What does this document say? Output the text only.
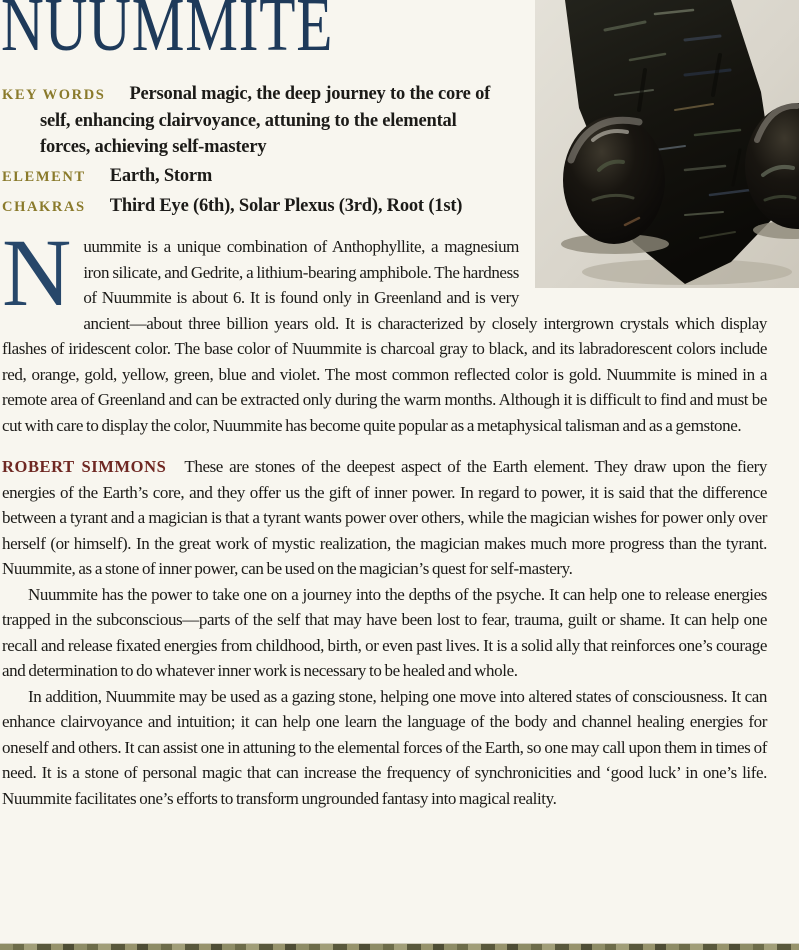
NUUMMITE

KEY WORDS Personal magic, the deep journey to the core of self, enhancing clairvoyance, attuning to the elemental forces, achieving self-mastery

ELEMENT Earth, Storm

CHAKRAS Third Eye (6th), Solar Plexus (3rd), Root (1st)

Nuummite is a unique combination of Anthophyllite, a magnesium iron silicate, and Gedrite, a lithium-bearing amphibole. The hardness of Nuummite is about 6. It is found only in Greenland and is very ancient—about three billion years old. It is characterized by closely intergrown crystals which display flashes of iridescent color. The base color of Nuummite is charcoal gray to black, and its labradorescent colors include red, orange, gold, yellow, green, blue and violet. The most common reflected color is gold. Nuummite is mined in a remote area of Greenland and can be extracted only during the warm months. Although it is difficult to find and must be cut with care to display the color, Nuummite has become quite popular as a metaphysical talisman and as a gemstone.

ROBERT SIMMONS These are stones of the deepest aspect of the Earth element. They draw upon the fiery energies of the Earth’s core, and they offer us the gift of inner power. In regard to power, it is said that the difference between a tyrant and a magician is that a tyrant wants power over others, while the magician wishes for power only over herself (or himself). In the great work of mystic realization, the magician makes much more progress than the tyrant. Nuummite, as a stone of inner power, can be used on the magician’s quest for self-mastery.

Nuummite has the power to take one on a journey into the depths of the psyche. It can help one to release energies trapped in the subconscious—parts of the self that may have been lost to fear, trauma, guilt or shame. It can help one recall and release fixated energies from childhood, birth, or even past lives. It is a solid ally that reinforces one’s courage and determination to do whatever inner work is necessary to be healed and whole.

In addition, Nuummite may be used as a gazing stone, helping one move into altered states of consciousness. It can enhance clairvoyance and intuition; it can help one learn the language of the body and channel healing energies for oneself and others. It can assist one in attuning to the elemental forces of the Earth, so one may call upon them in times of need. It is a stone of personal magic that can increase the frequency of synchronicities and ‘good luck’ in one’s life. Nuummite facilitates one’s efforts to transform ungrounded fantasy into magical reality.
